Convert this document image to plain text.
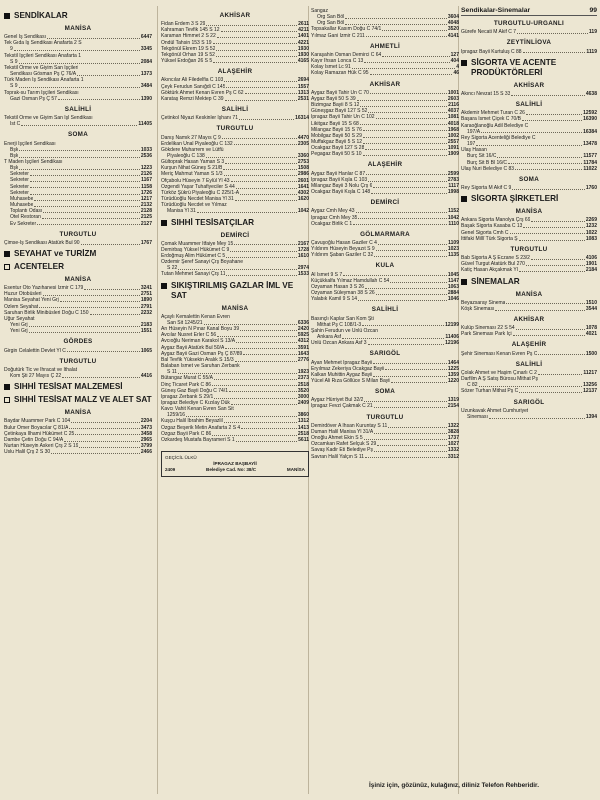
SENDİKALAR
MANİSA
Genel İş Sendikası	6447
Tek Gıda İş Sendikası Anafarta 2 S
9	3345
Tekstil İşçileri Sendikası Anafarta 1
S 9	2084
Tekstil Örme ve Giyim San İşçileri
Sendikası Gösman Pş Ç 76/A	1373
Türk Maden İş Sendikası Anafarta 1
S 9	3484
Toprak-su Tarım İşçileri Sendikası
Gazi Osman Pş Ç 57	1390
SALİHLİ
Tekstil Örme ve Giyim San İşl Sendikası
İst C	11405
SOMA
Enerji İşçileri Sendikası
Bşk	1033
Bşk	2536
T Maden İşçileri Sendikası
Bşk	1223
Sekreter	2126
Sekreter	1167
Sekreter	1158
Sekreter	1726
Muhasebe	1217
Muhasebe	2132
Toplantı Odası	2128
Otel Restoran	2125
Ev Sekreter	2127
TURGUTLU
Çimse-İş Sendikası Atatürk Bul 90	1767
SEYAHAT ve TURİZM
ACENTELER
MANİSA
Esentur Oto Yazıhanesi İzmir C 179	3241
Huzur Otobüsleri	2751
Manisa Seyahat Yeni Grj	1890
Özlem Seyahat	2791
Saruhan Birlik Minibüsleri Doğu C 150	2232
Uğur Seyahat
Yeni Grj	2183
Yeni Grj	1551
GÖRDES
Girgin Celalettin Devlet Yl C	1065
TURGUTLU
Doğutürk Tic ve İhracat ve İthalat
Kom Şti 27 Mayıs Ç 22	4416
SIHHİ TESİSAT MALZEMESİ
SIHHİ TESİSAT MALZ VE ALET SAT
MANİSA
Baydar Muammer Park C 104	2204
Bulur Ömer Boyacılar Ç 81/A	3473
Çetinkaya İlhami Hükümet C 25	3458
Dambe Çetin Doğu C 94/A	2965
Nurtan Hüseyin Askeri Çrş 2 S 19	3799
Uslu Halil Çrş 2 S 30	2466
AKHİSAR
Fidan Erdem 3 S 29	2611
Kahraman Tevfik 145 S 12	4211
Karaman Himmet 2 S 22	1401
Öndül Tahsin 153 S 19	4221
Tekgönül Ekrem 19 S 52	1930
Tekgönül Orhan 19 S 52	1930
Yüksel Erdoğan 26 S 5	4165
ALAŞEHİR
Akıncılar Ali Filedelfia C 103	2694
Çeyk Ferudun Sanığdi C 145	1557
Göktürk Ahmet Kenan Evren Pş C 62	1313
Karataş Remzi Mektep C 39	2531
SALİHLİ
Çetinkol Niyazi Keskinler İşhanı 71	16314
TURGUTLU
Danış Namık 27 Mayıs Ç 9	4470
Erdelikan Ünal Piyaleoğlu C 132	2305
Gökdere Muharrem ve Lütfü
Piyaleoğlu C 138	3360
Gültoprak Hasan Yaman S 3	2753
Kurşun Nihat Güneş S 21/B	1508
Meriç Mahmut Yaman S 1/3	2986
Ofçabolu Hüseyin 7 Eylül Yl 43	2601
Özgendi Yaşar Tuhafiyeciler S 44	1641
Türköz Şükrü Piyaleoğlu C 225/1-A	4302
Türüdüoğlu Necdet Manisa Yl 31	1620
Türüdüoğlu Necdet ve Yılmaz
Manisa Yl 31	1042
SIHHİ TESİSATÇILAR
DEMİRCİ
Çomak Muammer İtfaiye Mey 15	2167
Demirbaş Yüksel Hükümet C 9	1728
Erdoğmuş Alim Hükümet C 5	1610
Özdemir Şeref Sanayi Çrş Boyahane
S 22	2974
Tutan Mehmet Sanayi Çrş 11	1533
SIKIŞTIRILMIŞ GAZLAR İML VE SAT
MANİSA
Açaylı Kemalettin Kenan Evren
San Sit 1245/21	6336
Arı Hüseyin N Pınar Kanal Boyu 39	2420
Avcılar Nusret Erler C 56	5925
Avcıoğlu Neriman Karakol S 13/A	4312
Aygaz Bayii Atatürk Bul 50/A	3591
Aygaz Bayii Gazi Osman Pş Ç 87/89	1643
Bal Tevfik Yüksekin Aralık S 15/3	2776
Balaban İsmet ve Saruhan Zerbank
S 11	1923
Bütangaz Murat C 55/A	2373
Dinç Ticaret Park C 86	2518
Güneş Gaz Bayii Doğu C 74/1	3520
İpragaz Zerbank S 29/1	3000
İpragaz Belediye C Kızılay Dük	2409
Kavcı Vahit Kenan Evren San Sit
1259/16	3860
Kuşçu Halil İbrahim Beyazlil	1312
Özgaz Beşerik Metin Anafarta 2 S 4	1413
Özgaz Bayii Park C 86	2518
Özkardeş Mustafa Bayrameri S 1	5611
GEÇİCİL ÜLKÜ
İPRAGAZ BAŞBAYİİ
2409	Belediye Cad. No: 38/C	MANİSA
Sangaz
Org San Böl	3604
Org San Böl	4048
Topsakallar Kasım Doğu C 74/1	3520
Yılmaz Gani İzmir C 211	4141
AHMETLİ
Karaşahin Osman Demirci C 64	127
Kayır İhsan Lonca C 13	404
Kolay İsmet Lc 91	4
Kolay Ramazan Hük C 95	46
AKHİSAR
Aygaz Bayii Tahir Ün C 70	1001
Aygaz Bayii 50 S 39	2603
Bizimgaz Bayii 8 S 12	2116
Güneşgaz Bayii 127 S 52	4037
İpragaz Bayii Tahir Ün C 102	1081
Likitgaz Bayii 15 S 68	4018
Milangaz Bayii 15 S 76	1968
Mobilgaz Bayii 50 S 29	1002
Muffakgaz Bayii 5 S 12	2557
Ocakgaz Bayii 127 S 28	1091
Pegagaz Bayii 50 S 10	1909
ALAŞEHİR
Aygaz Bayii Hanlar C 87	2599
İpragaz Bayii Kışla C 103	2783
Milangaz Bayii 3 Nolu Çrş 6	1117
Ocakgaz Bayii Kışla C 148	1998
DEMİRCİ
Aygaz Cmh Mey 43	1152
İpragaz Cmh Mey 35	1042
Ocakgaz Birlik C 1	1110
GÖLMARMARA
Çavuşoğlu Hasan Gaziler C 4	1109
Yıldırım Hüseyin Beyazıt S 9	1023
Yıldırım Şaban Gaziler C 32	1135
KULA
Al İsmet 9 S 7	1045
Küçükkalfa Yılmaz Hamdullah C 54	1147
Özyaman Hasan 3 S 26	1063
Özyaman Süleyman 38 S 26	2884
Yalabık Kamil 9 S 14	1046
SALİHLİ
Basınçlı Kaplar San Kom Şti
Mithat Pş C 108/1-3	12199
Şahin Ferudun ve Ünlü Özcan
Ankara Asf	11406
Ünlü Özcan Ankara Asf 3	12196
SARIGÖL
Ayan Mehmet İpragaz Bayii	1464
Eryılmaz Zekeriya Ocakgaz Bayii	1225
Kalkan Muhittin Aygaz Bayii	1359
Yücel Ali Rıza Göllüce S Milan Bayii	1220
SOMA
Aygaz Hürriyet Bul 32/2	1319
İpragaz Fevzi Çakmak C 21	2154
TURGUTLU
Demirdöver A İhsan Kuruntay S 11	1322
Duman Halil Manisa Yl 31/A	3828
Önoğlu Ahmet Ekin S 5	1737
Özcamkan Rafet Selçuk S 29	1027
Savaş Kadir Eti Belediye Pş	1332
Savran Halil Yalçın S 11	3312
Sendikalar-Sinemalar	99
TURGUTLU-URGANLI
Gürefe Necati M Akif C 7	119
ZEYTİNLİOVA
İpragaz Bayii Kurtuluş C 88	1119
SİGORTA VE ACENTE PRODÜKTÖRLERİ
AKHİSAR
Akıncı Nevzat 15 S 33	4638
SALİHLİ
Akdemir Mehmet Turan C 26	12592
Başara İsmet Çiçek C 70/B	16390
Karaoğlanoğlu Adil Belediye C
197/A	16384
Rey Sigorta Acenteliği Belediye C
197	13478
Ulaş Hasan
Burç Sit 16/C	11577
Burç Sit B Bl 16/C	11784
Ulaş Nuri Belediye C 83	11022
SOMA
Rey Sigorta M Akif C 9	1760
SİGORTA ŞİRKETLERİ
MANİSA
Ankara Sigorta Manolya Çrş 69	2269
Başak Sigorta Kasaba C 13	1232
Genel Sigorta Cmh C	1022
İttifaki Millî Türk Sigorta Ş	1083
TURGUTLU
Bab Sigorta A Ş Eczane S 23/2	4106
Güvel Turgut Atatürk Bul 270	1901
Katiç Hasan Akçakmak Yl	2184
SİNEMALAR
MANİSA
Beyazsaray Sinema	1510
Köşk Sineması	3544
AKHİSAR
Kulüp Sineması 22 S 54	1078
Park Sineması Park İçi	4021
ALAŞEHİR
Şehir Sineması Kenan Evren Pş C	1500
SALİHLİ
Çolak Ahmet ve Haşim Çınarlı C 2	11217
Darfilm A Ş Satış Bürosu Mithat Pş
C 82	13256
Sözer Turhan Mithat Pş C	12137
SARIGÖL
Uzunkavak Ahmet Cumhuriyet
Sineması	1394
İşiniz için, gözünüz, kulağınız, diliniz Telefon Rehberidir.
